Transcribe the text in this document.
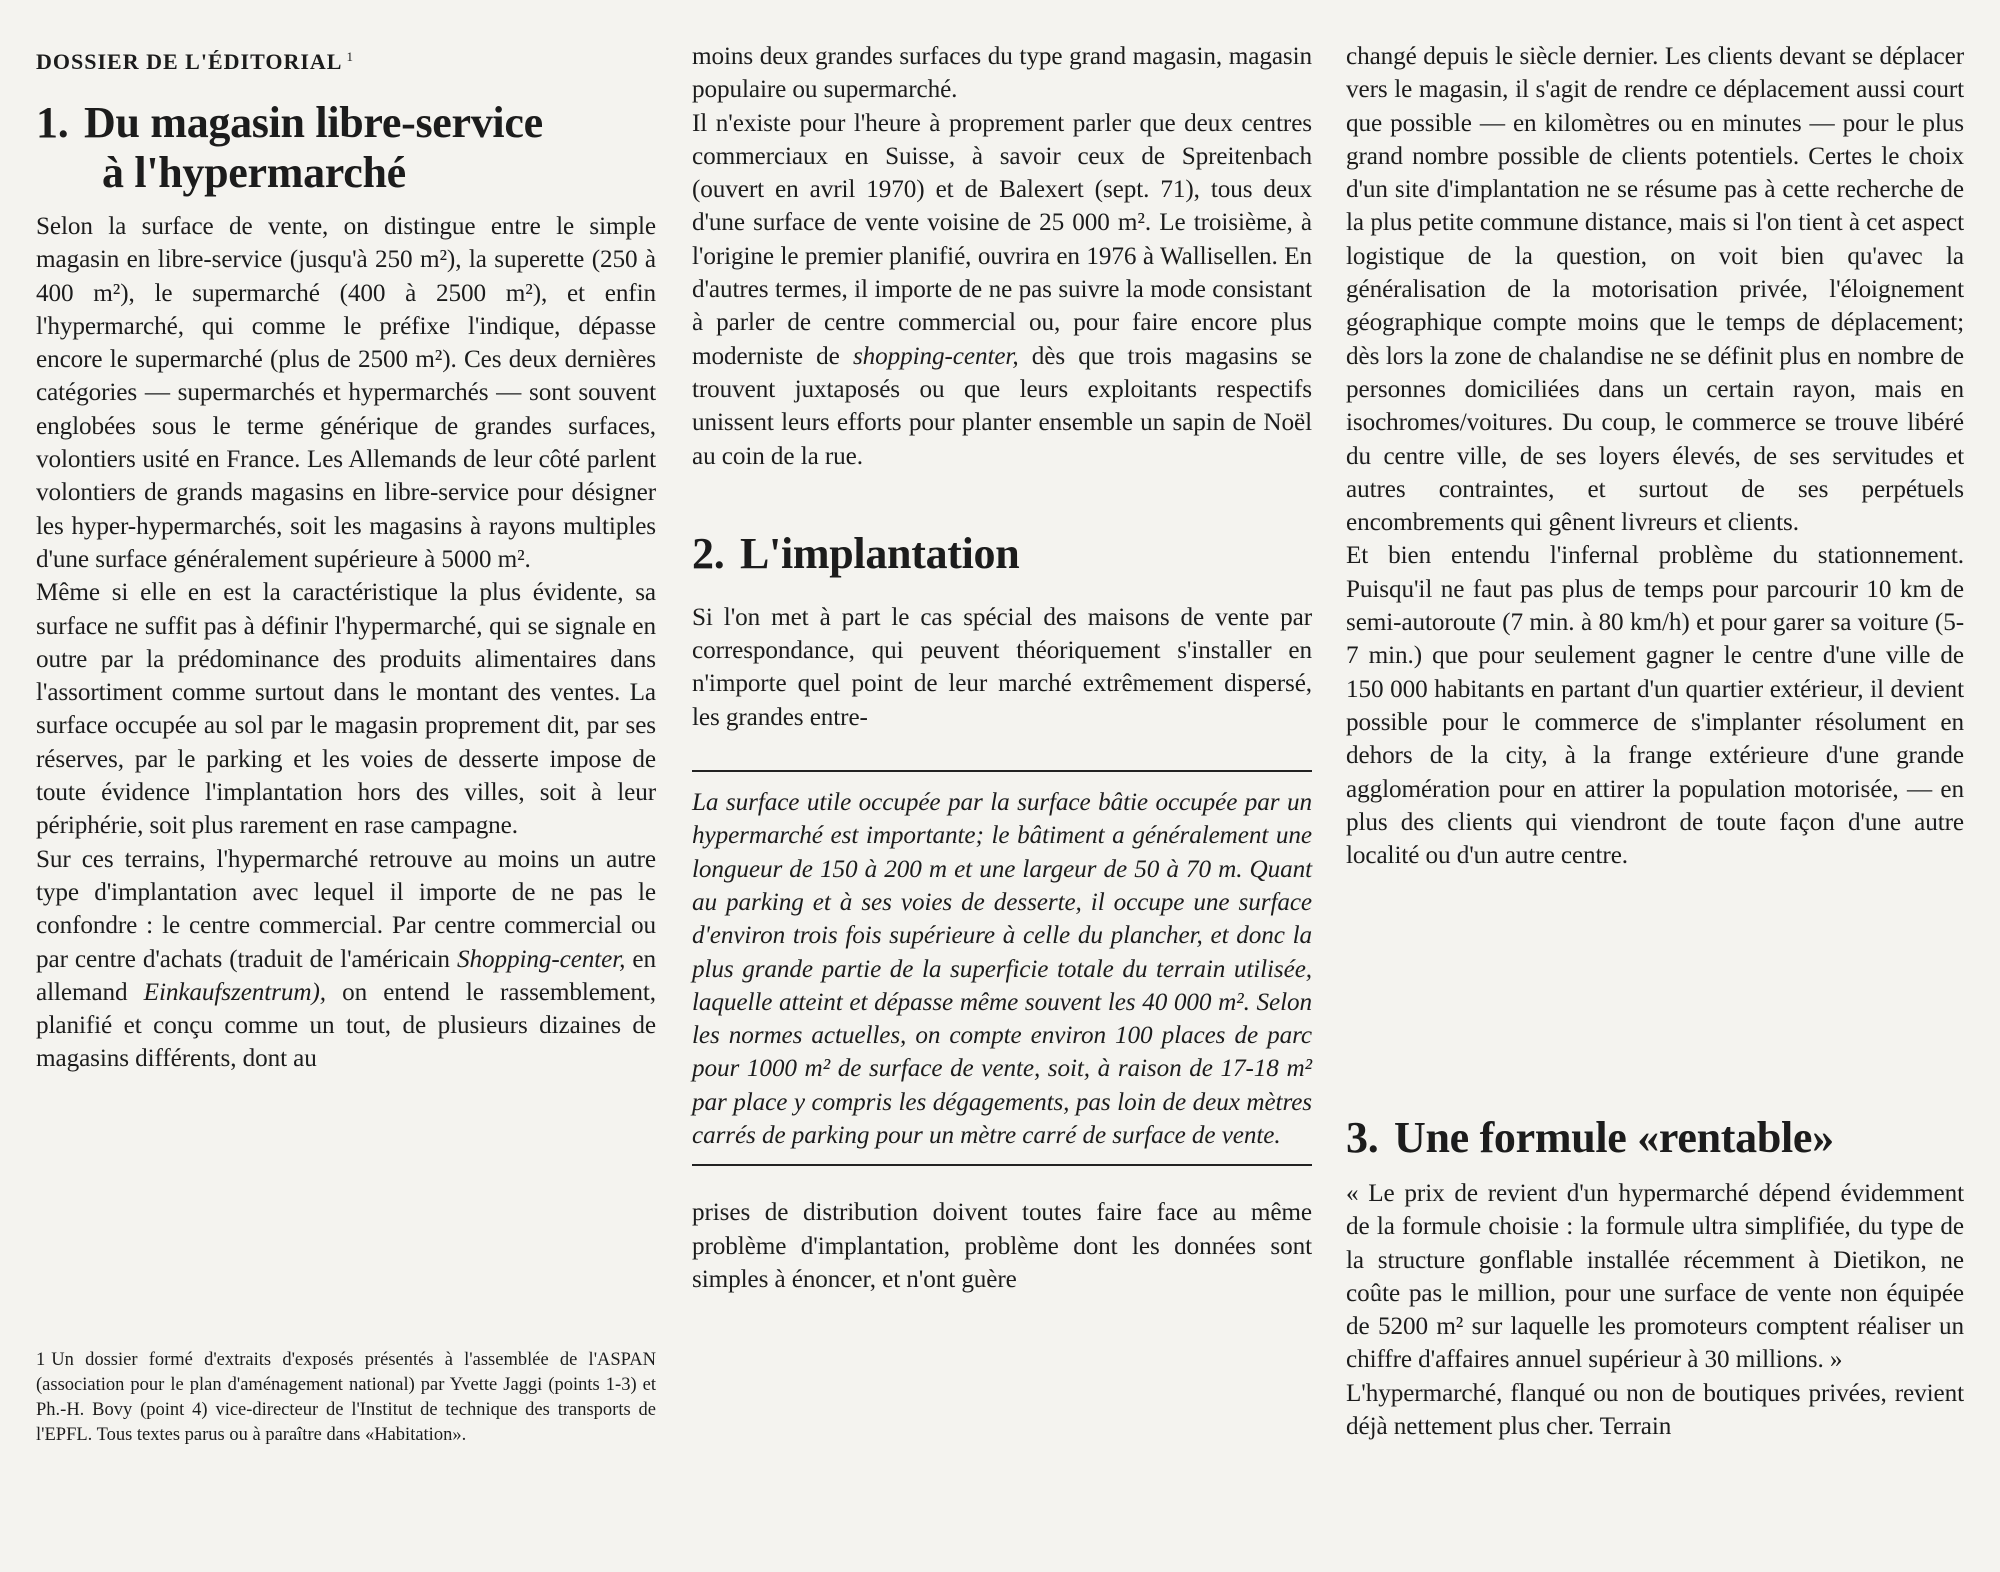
DOSSIER DE L'ÉDITORIAL $^1$
1. Du magasin libre-service
à l'hypermarché

Selon la surface de vente, on distingue entre le simple magasin en libre-service (jusqu'à 250 m²), la superette (250 à 400 m²), le supermarché (400 à 2500 m²), et enfin l'hypermarché, qui comme le préfixe l'indique, dépasse encore le supermarché (plus de 2500 m²). Ces deux dernières catégories — supermarchés et hypermarchés — sont souvent englobées sous le terme générique de grandes surfaces, volontiers usité en France. Les Allemands de leur côté parlent volontiers de grands magasins en libre-service pour désigner les hyper-hypermarchés, soit les magasins à rayons multiples d'une surface généralement supérieure à 5000 m².

Même si elle en est la caractéristique la plus évidente, sa surface ne suffit pas à définir l'hypermarché, qui se signale en outre par la prédominance des produits alimentaires dans l'assortiment comme surtout dans le montant des ventes. La surface occupée au sol par le magasin proprement dit, par ses réserves, par le parking et les voies de desserte impose de toute évidence l'implantation hors des villes, soit à leur périphérie, soit plus rarement en rase campagne.

Sur ces terrains, l'hypermarché retrouve au moins un autre type d'implantation avec lequel il importe de ne pas le confondre : le centre commercial. Par centre commercial ou par centre d'achats (traduit de l'américain Shopping-center, en allemand Einkaufszentrum), on entend le rassemblement, planifié et conçu comme un tout, de plusieurs dizaines de magasins différents, dont au

1 Un dossier formé d'extraits d'exposés présentés à l'assemblée de l'ASPAN (association pour le plan d'aménagement national) par Yvette Jaggi (points 1-3) et Ph.-H. Bovy (point 4) vice-directeur de l'Institut de technique des transports de l'EPFL. Tous textes parus ou à paraître dans «Habitation».

moins deux grandes surfaces du type grand magasin, magasin populaire ou supermarché.

Il n'existe pour l'heure à proprement parler que deux centres commerciaux en Suisse, à savoir ceux de Spreitenbach (ouvert en avril 1970) et de Balexert (sept. 71), tous deux d'une surface de vente voisine de 25 000 m². Le troisième, à l'origine le premier planifié, ouvrira en 1976 à Wallisellen. En d'autres termes, il importe de ne pas suivre la mode consistant à parler de centre commercial ou, pour faire encore plus moderniste de shopping-center, dès que trois magasins se trouvent juxtaposés ou que leurs exploitants respectifs unissent leurs efforts pour planter ensemble un sapin de Noël au coin de la rue.

2. L'implantation

Si l'on met à part le cas spécial des maisons de vente par correspondance, qui peuvent théoriquement s'installer en n'importe quel point de leur marché extrêmement dispersé, les grandes entre-

La surface utile occupée par la surface bâtie occupée par un hypermarché est importante; le bâtiment a généralement une longueur de 150 à 200 m et une largeur de 50 à 70 m. Quant au parking et à ses voies de desserte, il occupe une surface d'environ trois fois supérieure à celle du plancher, et donc la plus grande partie de la superficie totale du terrain utilisée, laquelle atteint et dépasse même souvent les 40 000 m². Selon les normes actuelles, on compte environ 100 places de parc pour 1000 m² de surface de vente, soit, à raison de 17-18 m² par place y compris les dégagements, pas loin de deux mètres carrés de parking pour un mètre carré de surface de vente.

prises de distribution doivent toutes faire face au même problème d'implantation, problème dont les données sont simples à énoncer, et n'ont guère

changé depuis le siècle dernier. Les clients devant se déplacer vers le magasin, il s'agit de rendre ce déplacement aussi court que possible — en kilomètres ou en minutes — pour le plus grand nombre possible de clients potentiels. Certes le choix d'un site d'implantation ne se résume pas à cette recherche de la plus petite commune distance, mais si l'on tient à cet aspect logistique de la question, on voit bien qu'avec la généralisation de la motorisation privée, l'éloignement géographique compte moins que le temps de déplacement; dès lors la zone de chalandise ne se définit plus en nombre de personnes domiciliées dans un certain rayon, mais en isochromes/voitures. Du coup, le commerce se trouve libéré du centre ville, de ses loyers élevés, de ses servitudes et autres contraintes, et surtout de ses perpétuels encombrements qui gênent livreurs et clients.

Et bien entendu l'infernal problème du stationnement. Puisqu'il ne faut pas plus de temps pour parcourir 10 km de semi-autoroute (7 min. à 80 km/h) et pour garer sa voiture (5-7 min.) que pour seulement gagner le centre d'une ville de 150 000 habitants en partant d'un quartier extérieur, il devient possible pour le commerce de s'implanter résolument en dehors de la city, à la frange extérieure d'une grande agglomération pour en attirer la population motorisée, — en plus des clients qui viendront de toute façon d'une autre localité ou d'un autre centre.

3. Une formule «rentable»

« Le prix de revient d'un hypermarché dépend évidemment de la formule choisie : la formule ultra simplifiée, du type de la structure gonflable installée récemment à Dietikon, ne coûte pas le million, pour une surface de vente non équipée de 5200 m² sur laquelle les promoteurs comptent réaliser un chiffre d'affaires annuel supérieur à 30 millions. »

L'hypermarché, flanqué ou non de boutiques privées, revient déjà nettement plus cher. Terrain
